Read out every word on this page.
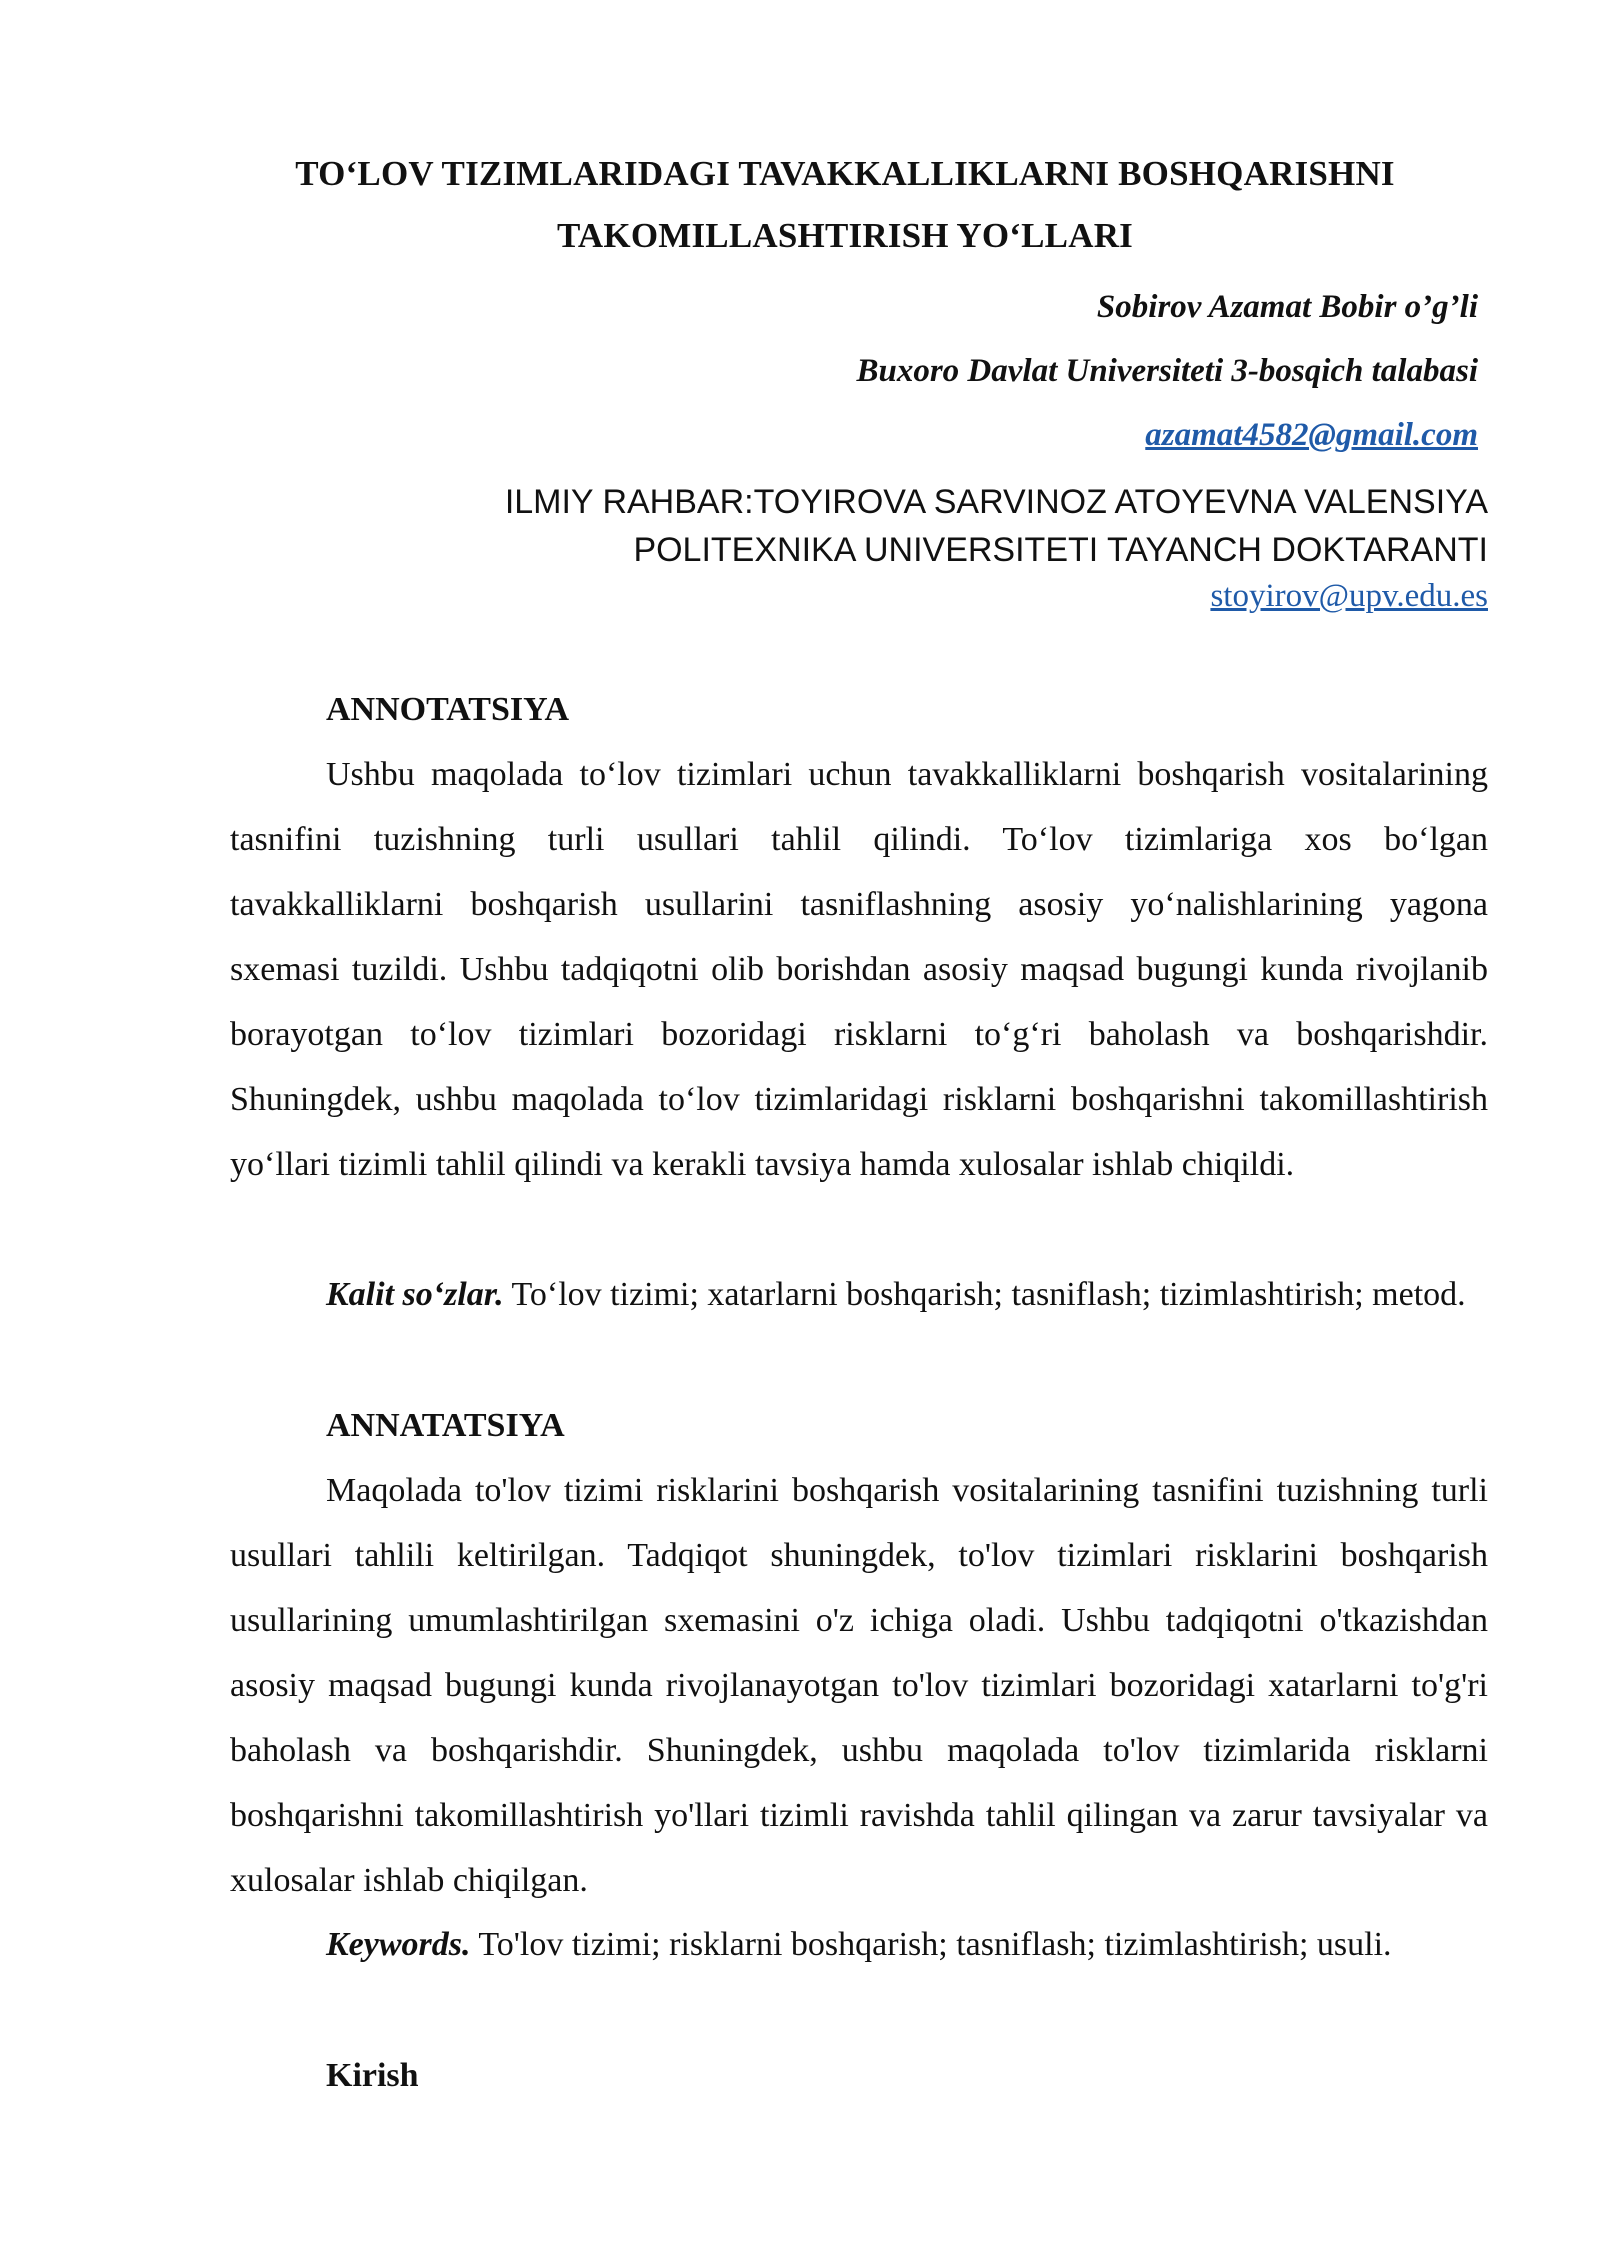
TO‘LOV TIZIMLARIDAGI TAVAKKALLIKLARNI BOSHQARISHNI
TAKOMILLASHTIRISH YO‘LLARI
Sobirov Azamat Bobir o’g’li
Buxoro Davlat Universiteti 3-bosqich talabasi
azamat4582@gmail.com
ILMIY RAHBAR:TOYIROVA SARVINOZ ATOYEVNA VALENSIYA
POLITEXNIKA UNIVERSITETI TAYANCH DOKTARANTI
stoyirov@upv.edu.es
ANNOTATSIYA
Ushbu maqolada to‘lov tizimlari uchun tavakkalliklarni boshqarish vositalarining tasnifini tuzishning turli usullari tahlil qilindi. To‘lov tizimlariga xos bo‘lgan tavakkalliklarni boshqarish usullarini tasniflashning asosiy yo‘nalishlarining yagona sxemasi tuzildi. Ushbu tadqiqotni olib borishdan asosiy maqsad bugungi kunda rivojlanib borayotgan to‘lov tizimlari bozoridagi risklarni to‘g‘ri baholash va boshqarishdir. Shuningdek, ushbu maqolada to‘lov tizimlaridagi risklarni boshqarishni takomillashtirish yo‘llari tizimli tahlil qilindi va kerakli tavsiya hamda xulosalar ishlab chiqildi.
Kalit so‘zlar. To‘lov tizimi; xatarlarni boshqarish; tasniflash; tizimlashtirish; metod.
ANNATATSIYA
Maqolada to'lov tizimi risklarini boshqarish vositalarining tasnifini tuzishning turli usullari tahlili keltirilgan. Tadqiqot shuningdek, to'lov tizimlari risklarini boshqarish usullarining umumlashtirilgan sxemasini o'z ichiga oladi. Ushbu tadqiqotni o'tkazishdan asosiy maqsad bugungi kunda rivojlanayotgan to'lov tizimlari bozoridagi xatarlarni to'g'ri baholash va boshqarishdir. Shuningdek, ushbu maqolada to'lov tizimlarida risklarni boshqarishni takomillashtirish yo'llari tizimli ravishda tahlil qilingan va zarur tavsiyalar va xulosalar ishlab chiqilgan.
Keywords. To'lov tizimi; risklarni boshqarish; tasniflash; tizimlashtirish; usuli.
Kirish
